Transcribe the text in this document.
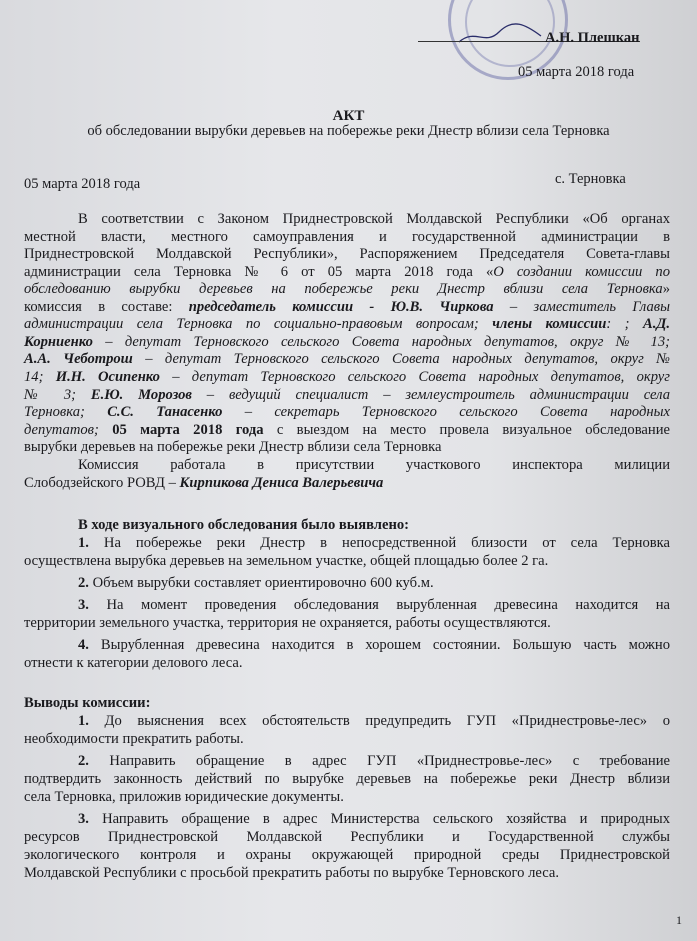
А.Н. Плешкан
05 марта 2018 года
АКТ
об обследовании вырубки деревьев на побережье реки Днестр вблизи села Терновка
05 марта 2018 года	с. Терновка
В соответствии с Законом Приднестровской Молдавской Республики «Об органах
местной власти, местного самоуправления и государственной администрации в
Приднестровской Молдавской Республики», Распоряжением Председателя Совета-главы
администрации села Терновка № 6 от 05 марта 2018 года «О создании комиссии по
обследованию вырубки деревьев на побережье реки Днестр вблизи села Терновка»
комиссия в составе: председатель комиссии - Ю.В. Чиркова – заместитель Главы
администрации села Терновка по социально-правовым вопросам; члены комиссии: ; А.Д.
Корниенко – депутат Терновского сельского Совета народных депутатов, округ № 13;
А.А. Чеботрош – депутат Терновского сельского Совета народных депутатов, округ №
14; И.Н. Осипенко – депутат Терновского сельского Совета народных депутатов, округ
№ 3; Е.Ю. Морозов – ведущий специалист – землеустроитель администрации села
Терновка; С.С. Танасенко – секретарь Терновского сельского Совета народных
депутатов; 05 марта 2018 года с выездом на место провела визуальное обследование
вырубки деревьев на побережье реки Днестр вблизи села Терновка
Комиссия работала в присутствии участкового инспектора милиции
Слободзейского РОВД – Кирпикова Дениса Валерьевича
В ходе визуального обследования было выявлено:
1. На побережье реки Днестр в непосредственной близости от села Терновка
осуществлена вырубка деревьев на земельном участке, общей площадью более 2 га.
2. Объем вырубки составляет ориентировочно 600 куб.м.
3. На момент проведения обследования вырубленная древесина находится на
территории земельного участка, территория не охраняется, работы осуществляются.
4. Вырубленная древесина находится в хорошем состоянии. Большую часть можно
отнести к категории делового леса.
Выводы комиссии:
1. До выяснения всех обстоятельств предупредить ГУП «Приднестровье-лес» о
необходимости прекратить работы.
2. Направить обращение в адрес ГУП «Приднестровье-лес» с требование
подтвердить законность действий по вырубке деревьев на побережье реки Днестр вблизи
села Терновка, приложив юридические документы.
3. Направить обращение в адрес Министерства сельского хозяйства и природных
ресурсов Приднестровской Молдавской Республики и Государственной службы
экологического контроля и охраны окружающей природной среды Приднестровской
Молдавской Республики с просьбой прекратить работы по вырубке Терновского леса.
1
